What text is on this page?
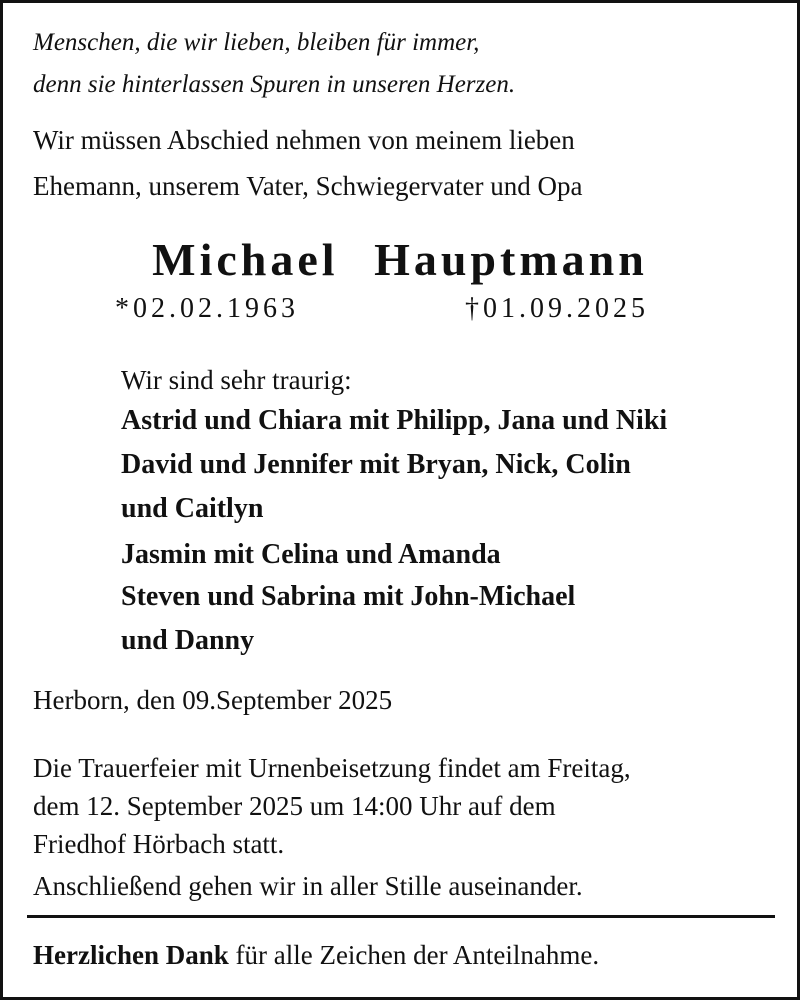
Menschen, die wir lieben, bleiben für immer,

denn sie hinterlassen Spuren in unseren Herzen.

Wir müssen Abschied nehmen von meinem lieben

Ehemann, unserem Vater, Schwiegervater und Opa

Michael Hauptmann

*02.02.1963	†01.09.2025

Wir sind sehr traurig:

Astrid und Chiara mit Philipp, Jana und Niki

David und Jennifer mit Bryan, Nick, Colin

und Caitlyn

Jasmin mit Celina und Amanda

Steven und Sabrina mit John-Michael

und Danny

Herborn, den 09.September 2025

Die Trauerfeier mit Urnenbeisetzung findet am Freitag,

dem 12. September 2025 um 14:00 Uhr auf dem

Friedhof Hörbach statt.

Anschließend gehen wir in aller Stille auseinander.

Herzlichen Dank für alle Zeichen der Anteilnahme.
